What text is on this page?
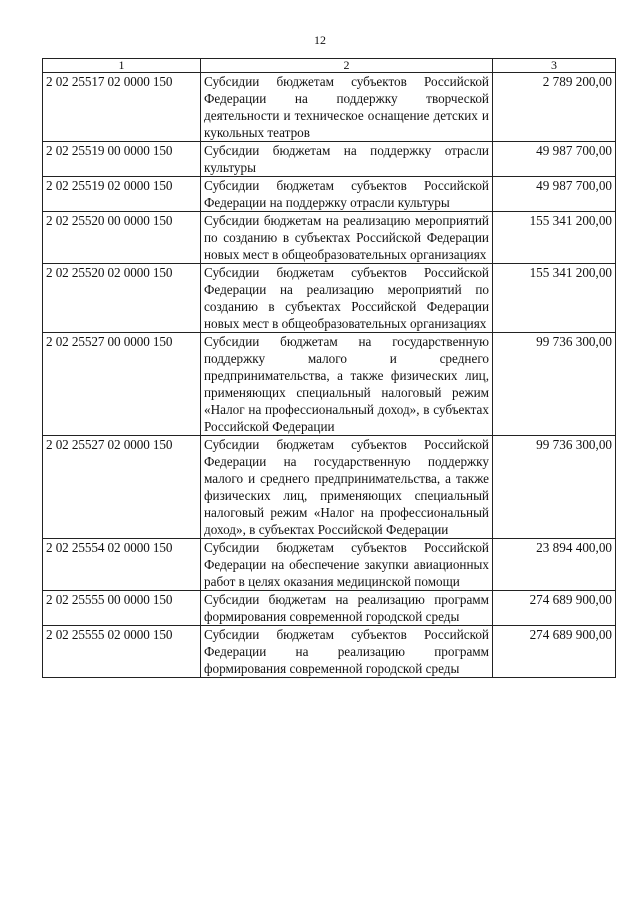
12
1	2	3
2 02 25517 02 0000 150	Субсидии бюджетам субъектов Российской Федерации на поддержку творческой деятельности и техническое оснащение детских и кукольных театров	2 789 200,00
2 02 25519 00 0000 150	Субсидии бюджетам на поддержку отрасли культуры	49 987 700,00
2 02 25519 02 0000 150	Субсидии бюджетам субъектов Российской Федерации на поддержку отрасли культуры	49 987 700,00
2 02 25520 00 0000 150	Субсидии бюджетам на реализацию мероприятий по созданию в субъектах Российской Федерации новых мест в общеобразовательных организациях	155 341 200,00
2 02 25520 02 0000 150	Субсидии бюджетам субъектов Российской Федерации на реализацию мероприятий по созданию в субъектах Российской Федерации новых мест в общеобразовательных организациях	155 341 200,00
2 02 25527 00 0000 150	Субсидии бюджетам на государственную поддержку малого и среднего предпринимательства, а также физических лиц, применяющих специальный налоговый режим «Налог на профессиональный доход», в субъектах Российской Федерации	99 736 300,00
2 02 25527 02 0000 150	Субсидии бюджетам субъектов Российской Федерации на государственную поддержку малого и среднего предпринимательства, а также физических лиц, применяющих специальный налоговый режим «Налог на профессиональный доход», в субъектах Российской Федерации	99 736 300,00
2 02 25554 02 0000 150	Субсидии бюджетам субъектов Российской Федерации на обеспечение закупки авиационных работ в целях оказания медицинской помощи	23 894 400,00
2 02 25555 00 0000 150	Субсидии бюджетам на реализацию программ формирования современной городской среды	274 689 900,00
2 02 25555 02 0000 150	Субсидии бюджетам субъектов Российской Федерации на реализацию программ формирования современной городской среды	274 689 900,00
